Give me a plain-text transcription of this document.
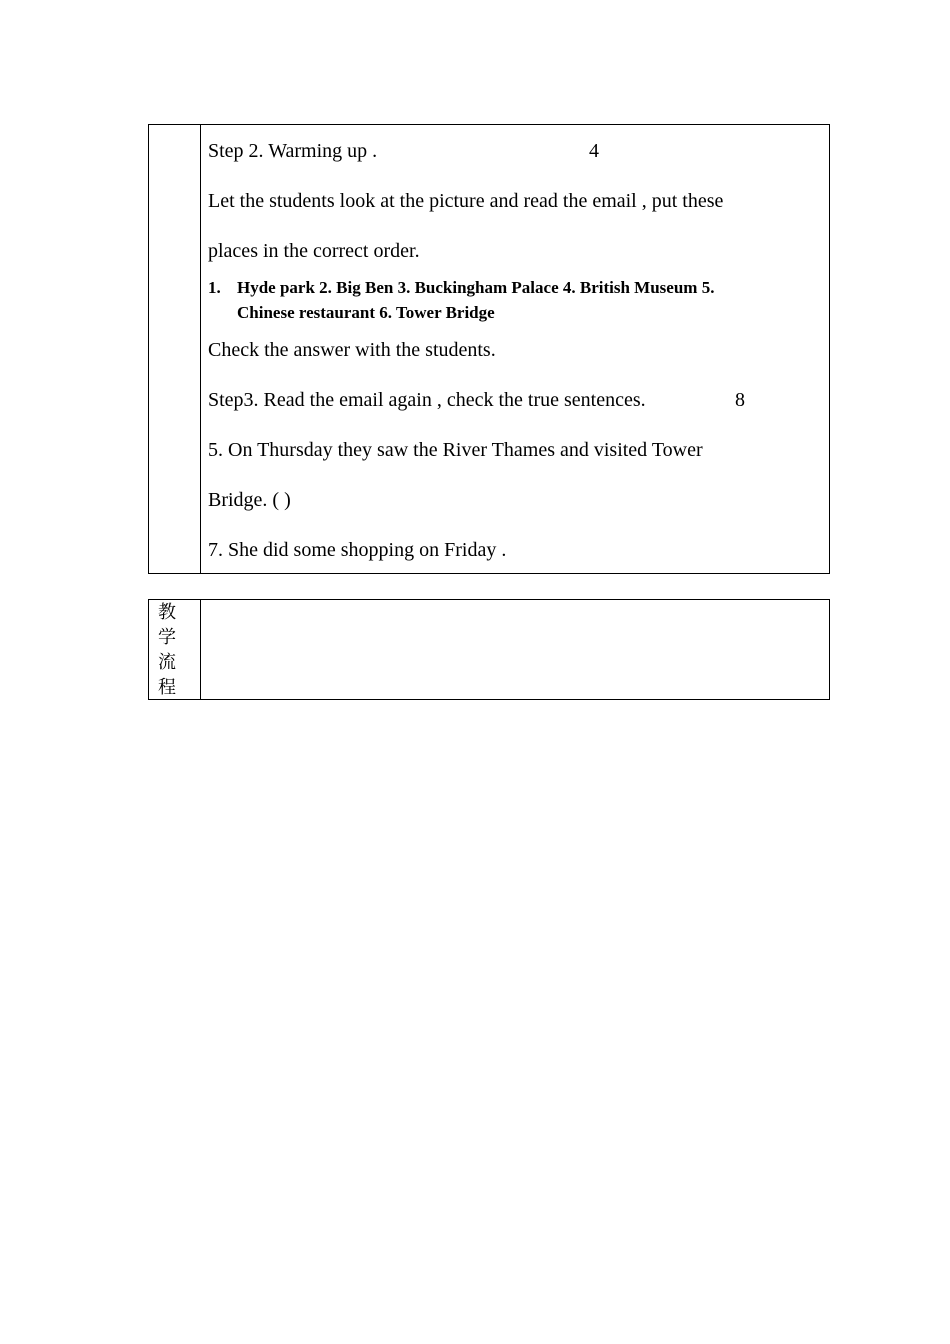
Step 2. Warming up .	4
Let the students look at the picture and read the email , put these
places in the correct order.
1. Hyde park 2. Big Ben 3. Buckingham Palace 4. British Museum 5.
Chinese restaurant 6. Tower Bridge
Check the answer with the students.
Step3. Read the email again , check the true sentences.	8
5. On Thursday they saw the River Thames and visited Tower
Bridge. ( )
7. She did some shopping on Friday .
教
学
流
程
